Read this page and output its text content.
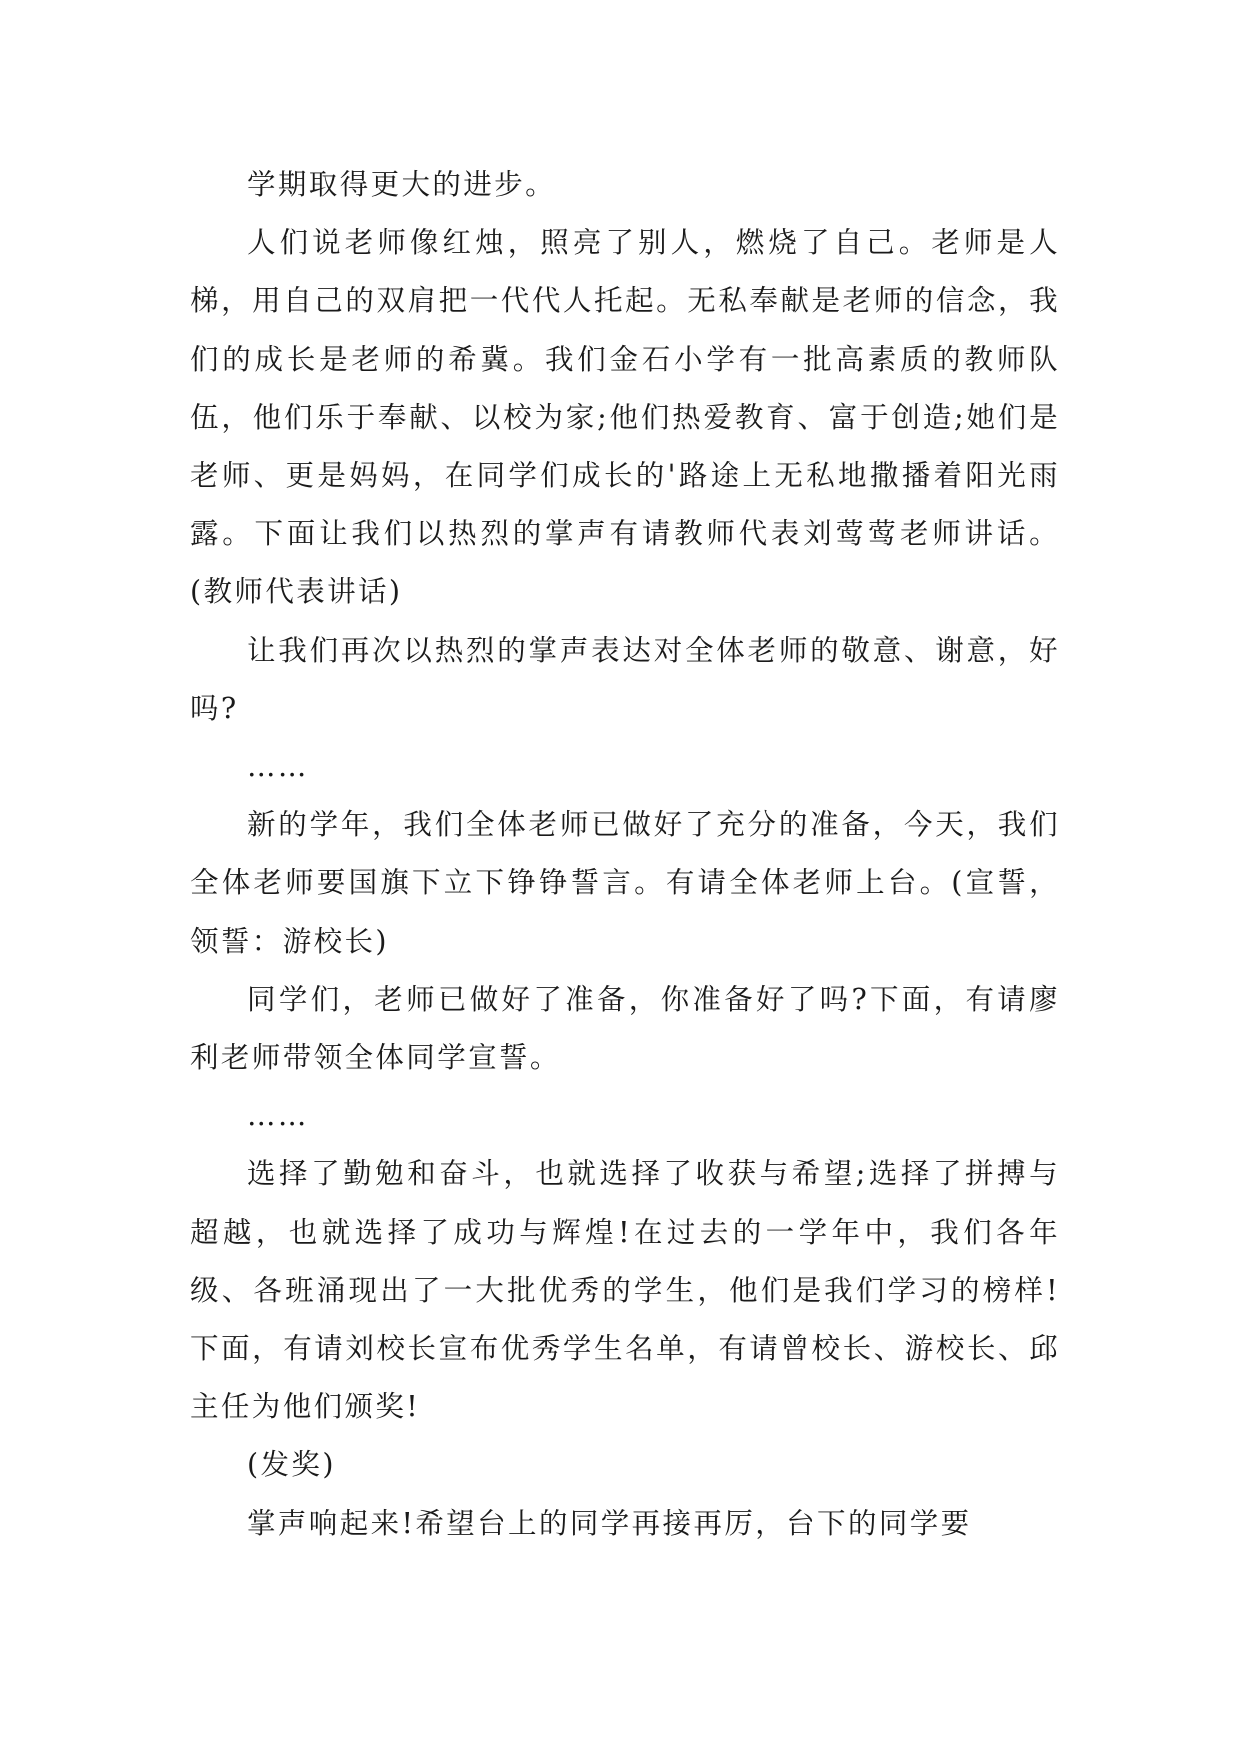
学期取得更大的进步。

人们说老师像红烛，照亮了别人，燃烧了自己。老师是人梯，用自己的双肩把一代代人托起。无私奉献是老师的信念，我们的成长是老师的希冀。我们金石小学有一批高素质的教师队伍，他们乐于奉献、以校为家;他们热爱教育、富于创造;她们是老师、更是妈妈，在同学们成长的'路途上无私地撒播着阳光雨露。下面让我们以热烈的掌声有请教师代表刘莺莺老师讲话。(教师代表讲话)

让我们再次以热烈的掌声表达对全体老师的敬意、谢意，好吗?

……

新的学年，我们全体老师已做好了充分的准备，今天，我们全体老师要国旗下立下铮铮誓言。有请全体老师上台。(宣誓，领誓：游校长)

同学们，老师已做好了准备，你准备好了吗?下面，有请廖利老师带领全体同学宣誓。

……

选择了勤勉和奋斗，也就选择了收获与希望;选择了拼搏与超越，也就选择了成功与辉煌!在过去的一学年中，我们各年级、各班涌现出了一大批优秀的学生，他们是我们学习的榜样!下面，有请刘校长宣布优秀学生名单，有请曾校长、游校长、邱主任为他们颁奖!

(发奖)

掌声响起来!希望台上的同学再接再厉，台下的同学要
